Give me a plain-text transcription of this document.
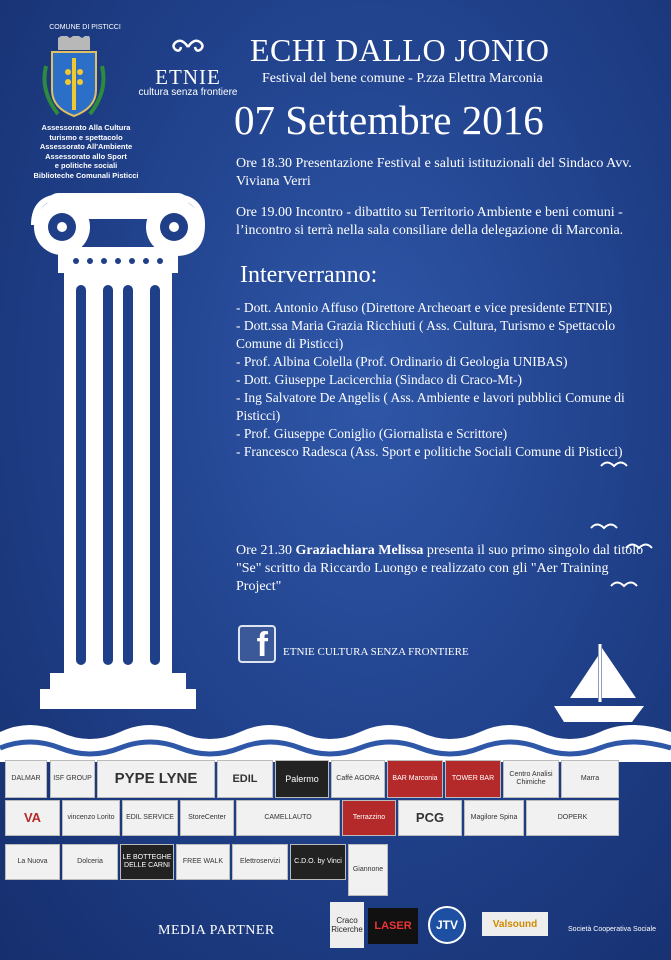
COMUNE DI PISTICCI
Assessorato Alla Cultura
turismo e spettacolo
Assessorato All'Ambiente
Assessorato allo Sport
e politiche sociali
Biblioteche Comunali Pisticci
ETNIE
cultura senza frontiere
ECHI DALLO JONIO
Festival del bene comune - P.zza Elettra Marconia
07 Settembre 2016
Ore 18.30 Presentazione Festival e saluti istituzionali del Sindaco Avv. Viviana Verri
Ore 19.00 Incontro - dibattito su Territorio Ambiente e beni comuni - l’incontro si terrà nella sala consiliare della delegazione di Marconia.
Interverranno:
- Dott. Antonio Affuso (Direttore Archeoart e vice presidente ETNIE)
- Dott.ssa Maria Grazia Ricchiuti ( Ass. Cultura, Turismo e Spettacolo Comune di Pisticci)
- Prof. Albina Colella (Prof. Ordinario di Geologia UNIBAS)
- Dott. Giuseppe Lacicerchia (Sindaco di Craco-Mt-)
- Ing Salvatore De Angelis ( Ass. Ambiente e lavori pubblici Comune di Pisticci)
- Prof. Giuseppe Coniglio (Giornalista e Scrittore)
- Francesco Radesca (Ass. Sport e politiche Sociali Comune di Pisticci)
Ore 21.30 Graziachiara Melissa presenta il suo primo singolo dal titolo "Se" scritto da Riccardo Luongo e realizzato con gli "Aer Training Project"
f ETNIE CULTURA SENZA FRONTIERE
DALMAR	ISF GROUP	PYPE LYNE	EDIL	Palermo	Caffè AGORA	BAR Marconia	TOWER BAR
Centro Analisi Chimiche
Marra
VA	vincenzo Lorito	EDIL SERVICE	StoreCenter	CAMELLAUTO	Terrazzino	PCG	Magilore Spina	DOPERK
La Nuova	Dolceria
LE BOTTEGHE DELLE CARNI
FREE WALK	Elettroservizi	C.D.O. by Vinci
Giannone
MEDIA PARTNER
Craco Ricerche	LASER	JTV	Valsound	Società Cooperativa Sociale
